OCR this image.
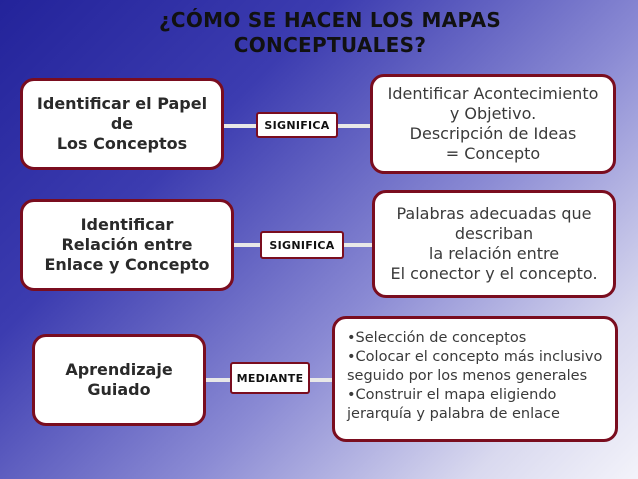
¿CÓMO SE HACEN LOS MAPAS
CONCEPTUALES?
Identificar el Papel
de
Los Conceptos
SIGNIFICA
Identificar Acontecimiento
y Objetivo.
Descripción de Ideas
= Concepto
Identificar
Relación entre
Enlace y Concepto
SIGNIFICA
Palabras adecuadas que
describan
la relación entre
El conector y el concepto.
Aprendizaje
Guiado
MEDIANTE
•Selección de conceptos
•Colocar el concepto más inclusivo
seguido por los menos generales
•Construir el mapa eligiendo
jerarquía y palabra de enlace
